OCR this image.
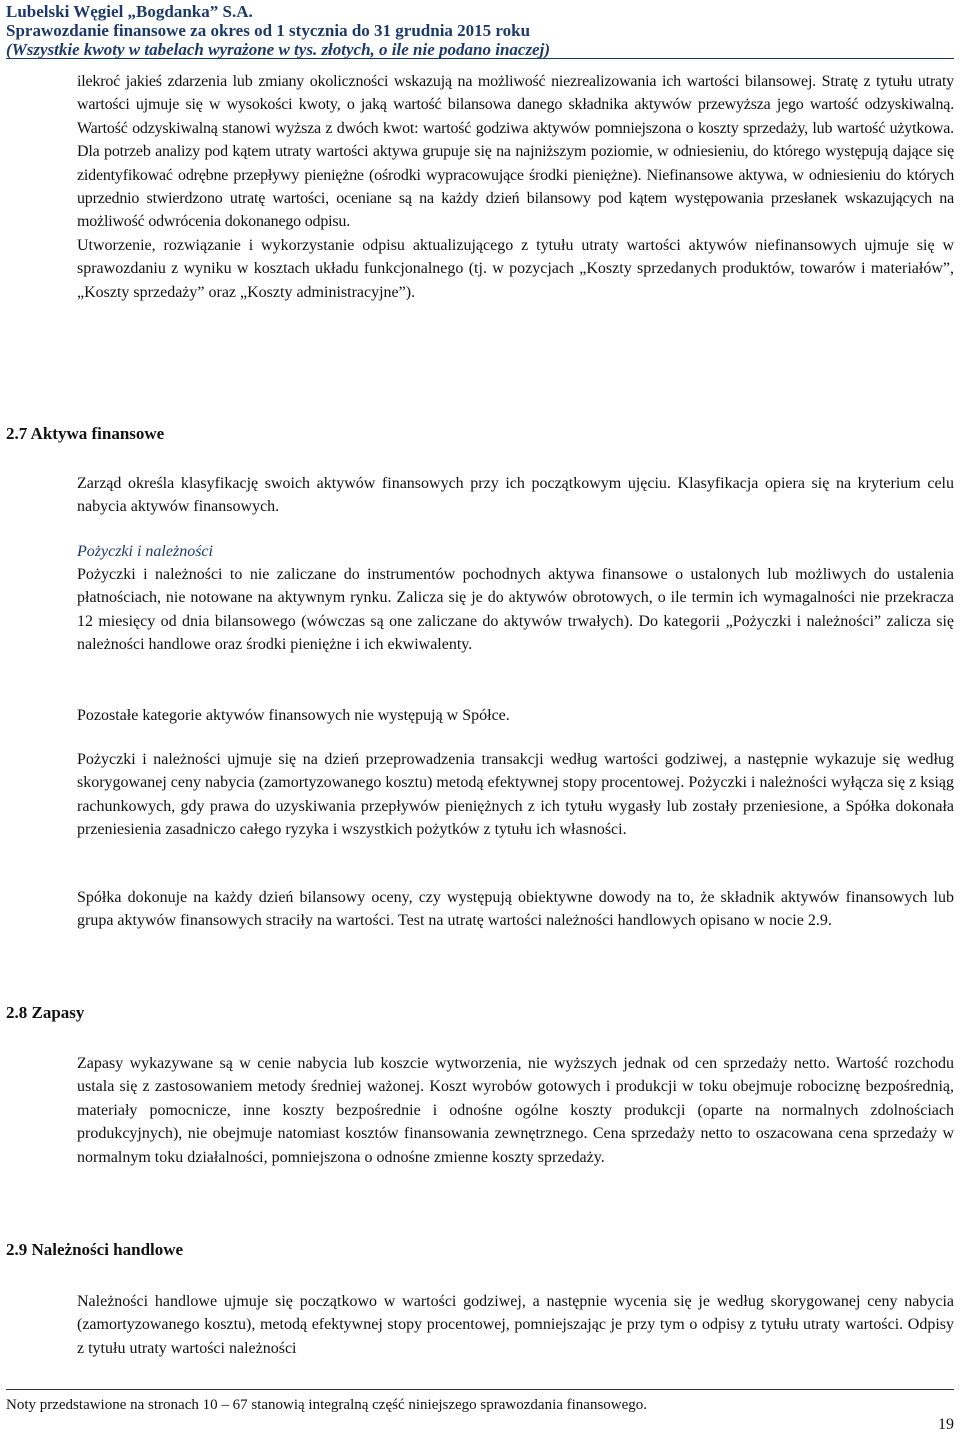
Lubelski Węgiel „Bogdanka” S.A.
Sprawozdanie finansowe za okres od 1 stycznia do 31 grudnia 2015 roku
(Wszystkie kwoty w tabelach wyrażone w tys. złotych, o ile nie podano inaczej)

ilekroć jakieś zdarzenia lub zmiany okoliczności wskazują na możliwość niezrealizowania ich wartości bilansowej. Stratę z tytułu utraty wartości ujmuje się w wysokości kwoty, o jaką wartość bilansowa danego składnika aktywów przewyższa jego wartość odzyskiwalną. Wartość odzyskiwalną stanowi wyższa z dwóch kwot: wartość godziwa aktywów pomniejszona o koszty sprzedaży, lub wartość użytkowa. Dla potrzeb analizy pod kątem utraty wartości aktywa grupuje się na najniższym poziomie, w odniesieniu, do którego występują dające się zidentyfikować odrębne przepływy pieniężne (ośrodki wypracowujące środki pieniężne). Niefinansowe aktywa, w odniesieniu do których uprzednio stwierdzono utratę wartości, oceniane są na każdy dzień bilansowy pod kątem występowania przesłanek wskazujących na możliwość odwrócenia dokonanego odpisu.

Utworzenie, rozwiązanie i wykorzystanie odpisu aktualizującego z tytułu utraty wartości aktywów niefinansowych ujmuje się w sprawozdaniu z wyniku w kosztach układu funkcjonalnego (tj. w pozycjach „Koszty sprzedanych produktów, towarów i materiałów”, „Koszty sprzedaży” oraz „Koszty administracyjne”).

2.7 Aktywa finansowe

Zarząd określa klasyfikację swoich aktywów finansowych przy ich początkowym ujęciu. Klasyfikacja opiera się na kryterium celu nabycia aktywów finansowych.

Pożyczki i należności

Pożyczki i należności to nie zaliczane do instrumentów pochodnych aktywa finansowe o ustalonych lub możliwych do ustalenia płatnościach, nie notowane na aktywnym rynku. Zalicza się je do aktywów obrotowych, o ile termin ich wymagalności nie przekracza 12 miesięcy od dnia bilansowego (wówczas są one zaliczane do aktywów trwałych). Do kategorii „Pożyczki i należności” zalicza się należności handlowe oraz środki pieniężne i ich ekwiwalenty.

Pozostałe kategorie aktywów finansowych nie występują w Spółce.

Pożyczki i należności ujmuje się na dzień przeprowadzenia transakcji według wartości godziwej, a następnie wykazuje się według skorygowanej ceny nabycia (zamortyzowanego kosztu) metodą efektywnej stopy procentowej. Pożyczki i należności wyłącza się z ksiąg rachunkowych, gdy prawa do uzyskiwania przepływów pieniężnych z ich tytułu wygasły lub zostały przeniesione, a Spółka dokonała przeniesienia zasadniczo całego ryzyka i wszystkich pożytków z tytułu ich własności.

Spółka dokonuje na każdy dzień bilansowy oceny, czy występują obiektywne dowody na to, że składnik aktywów finansowych lub grupa aktywów finansowych straciły na wartości. Test na utratę wartości należności handlowych opisano w nocie 2.9.

2.8 Zapasy

Zapasy wykazywane są w cenie nabycia lub koszcie wytworzenia, nie wyższych jednak od cen sprzedaży netto. Wartość rozchodu ustala się z zastosowaniem metody średniej ważonej. Koszt wyrobów gotowych i produkcji w toku obejmuje robociznę bezpośrednią, materiały pomocnicze, inne koszty bezpośrednie i odnośne ogólne koszty produkcji (oparte na normalnych zdolnościach produkcyjnych), nie obejmuje natomiast kosztów finansowania zewnętrznego. Cena sprzedaży netto to oszacowana cena sprzedaży w normalnym toku działalności, pomniejszona o odnośne zmienne koszty sprzedaży.

2.9 Należności handlowe

Należności handlowe ujmuje się początkowo w wartości godziwej, a następnie wycenia się je według skorygowanej ceny nabycia (zamortyzowanego kosztu), metodą efektywnej stopy procentowej, pomniejszając je przy tym o odpisy z tytułu utraty wartości. Odpisy z tytułu utraty wartości należności

Noty przedstawione na stronach 10 – 67 stanowią integralną część niniejszego sprawozdania finansowego.
19
